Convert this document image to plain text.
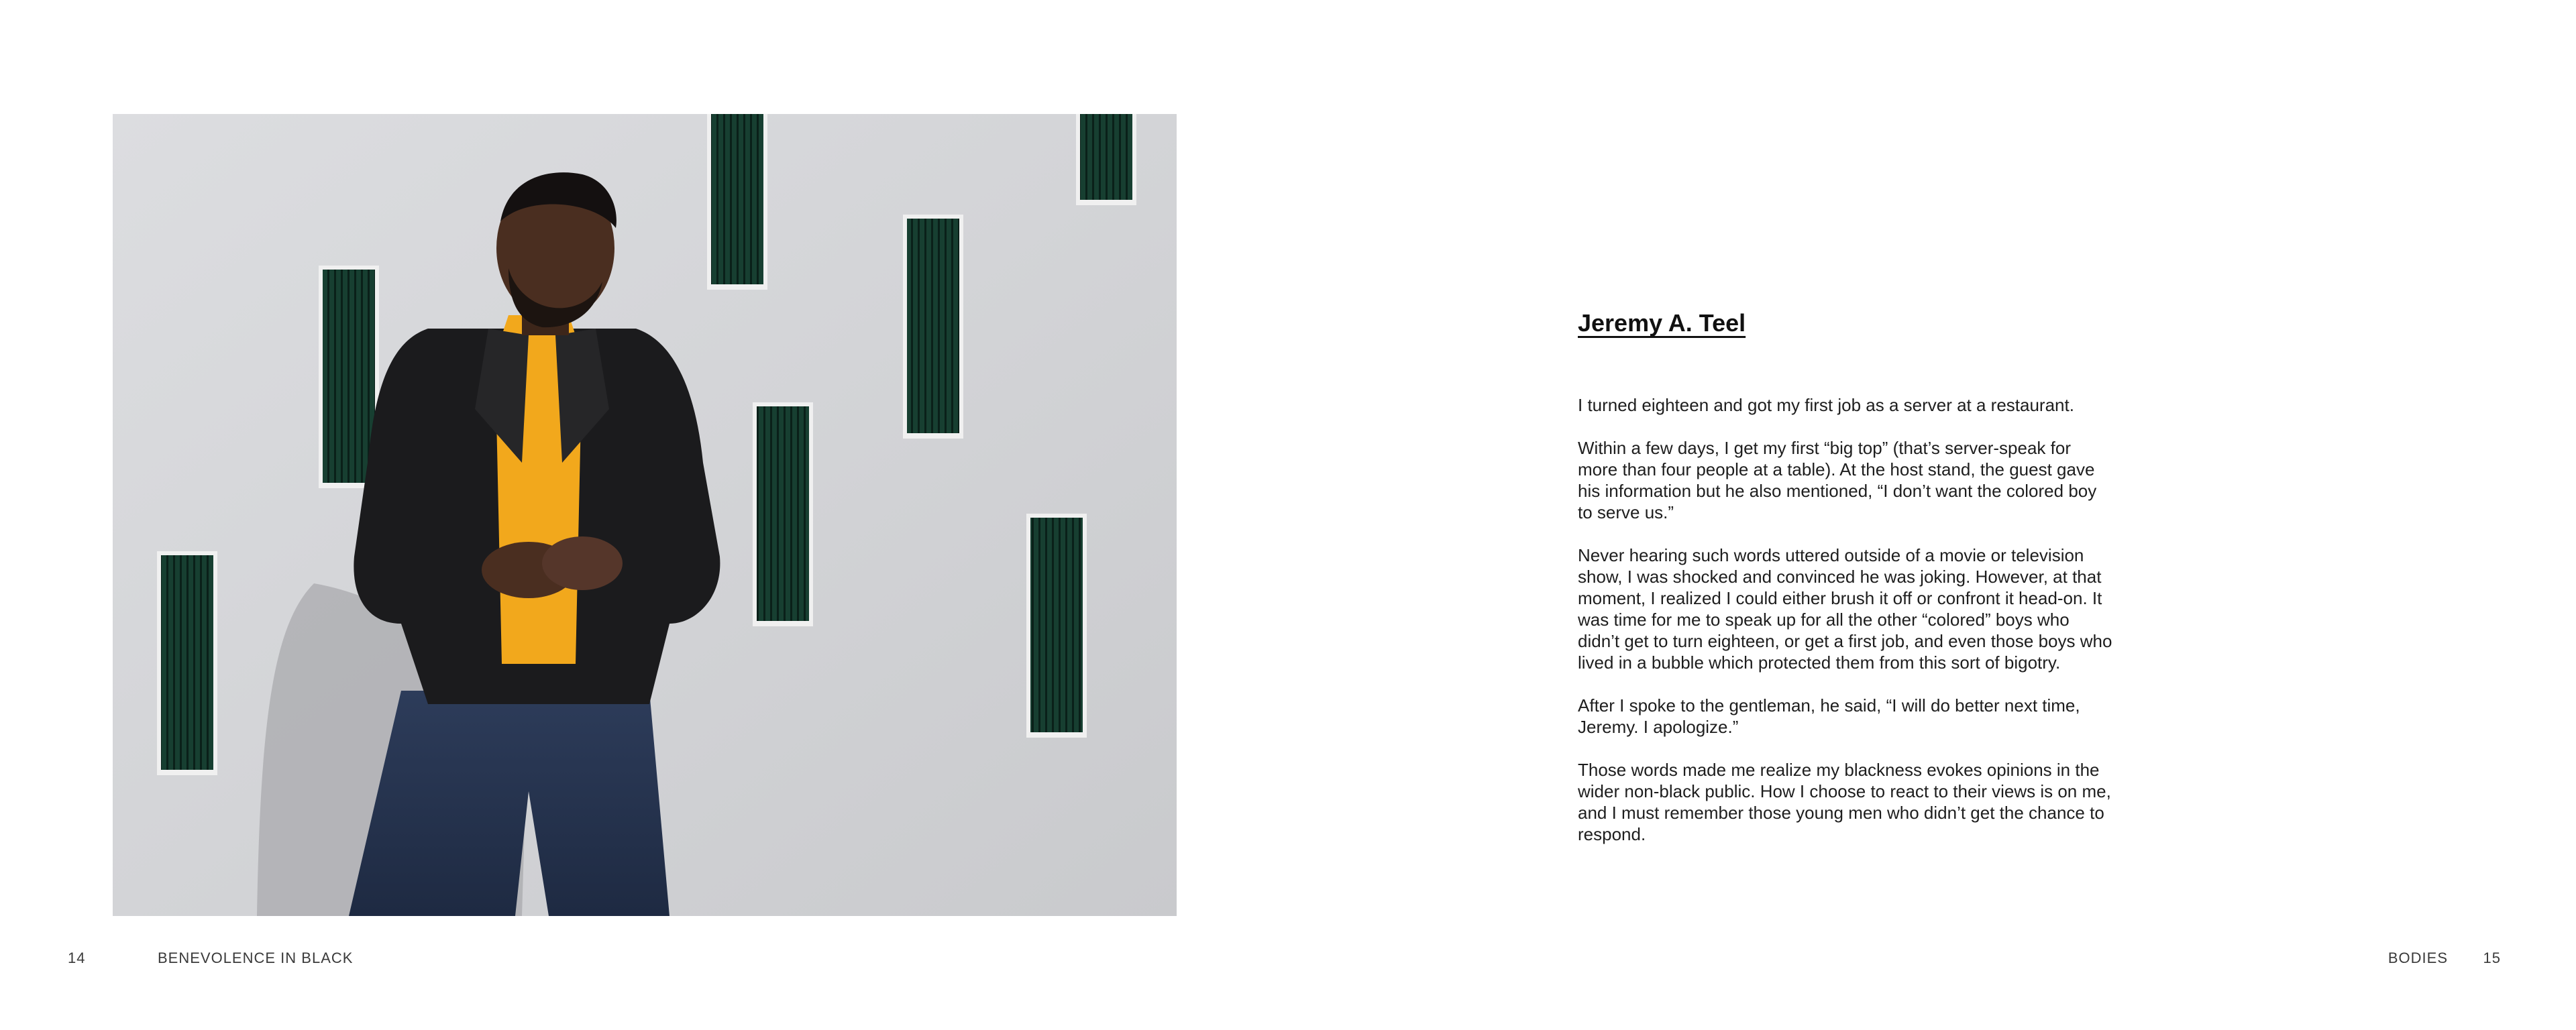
14	BENEVOLENCE IN BLACK
Jeremy A. Teel

I turned eighteen and got my first job as a server at a restaurant.

Within a few days, I get my first “big top” (that’s server-speak for more than four people at a table). At the host stand, the guest gave his information but he also mentioned, “I don’t want the colored boy to serve us.”

Never hearing such words uttered outside of a movie or television show, I was shocked and convinced he was joking. However, at that moment, I realized I could either brush it off or confront it head-on. It was time for me to speak up for all the other “colored” boys who didn’t get to turn eighteen, or get a first job, and even those boys who lived in a bubble which protected them from this sort of bigotry.

After I spoke to the gentleman, he said, “I will do better next time, Jeremy. I apologize.”

Those words made me realize my blackness evokes opinions in the wider non-black public. How I choose to react to their views is on me, and I must remember those young men who didn’t get the chance to respond.

BODIES 15
